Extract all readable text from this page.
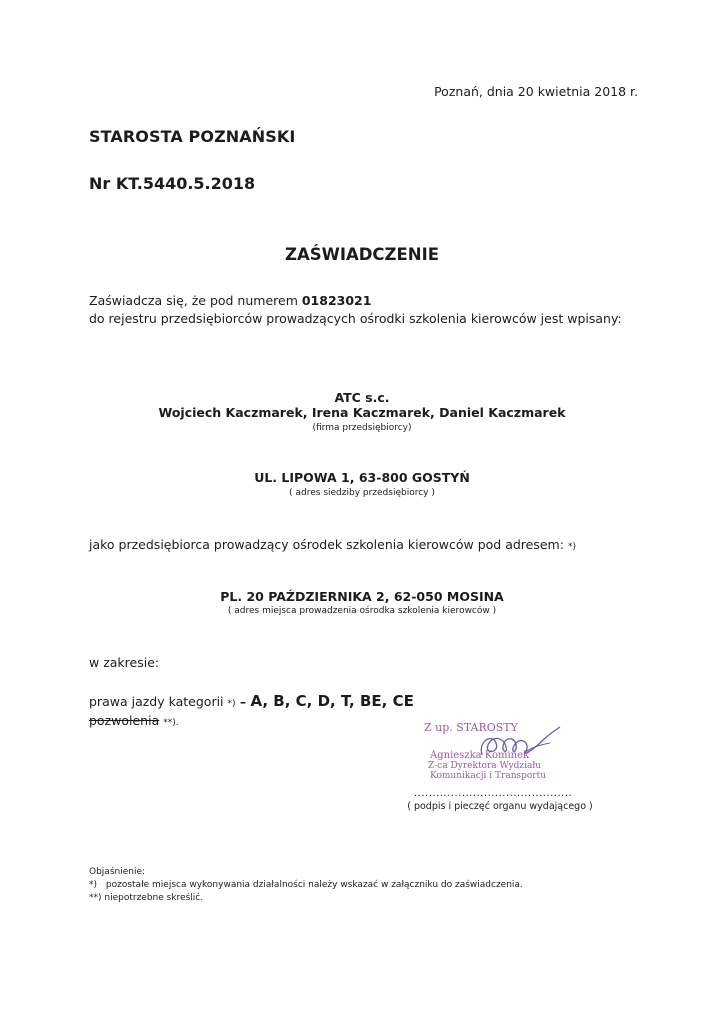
Poznań, dnia 20 kwietnia 2018 r.
STAROSTA POZNAŃSKI
Nr KT.5440.5.2018
ZAŚWIADCZENIE
Zaświadcza się, że pod numerem 01823021
do rejestru przedsiębiorców prowadzących ośrodki szkolenia kierowców jest wpisany:
ATC s.c.
Wojciech Kaczmarek, Irena Kaczmarek, Daniel Kaczmarek
(firma przedsiębiorcy)
UL. LIPOWA 1, 63-800 GOSTYŃ
( adres siedziby przedsiębiorcy )
jako przedsiębiorca prowadzący ośrodek szkolenia kierowców pod adresem: *)
PL. 20 PAŹDZIERNIKA 2, 62-050 MOSINA
( adres miejsca prowadzenia ośrodka szkolenia kierowców )
w zakresie:
prawa jazdy kategorii *) – A, B, C, D, T, BE, CE
pozwolenia **).	Z up. STAROSTY
Agnieszka Kominek
Z-ca Dyrektora Wydziału
Komunikacji i Transportu
...........................................
( podpis i pieczęć organu wydającego )
Objaśnienie:
*) pozostałe miejsca wykonywania działalności należy wskazać w załączniku do zaświadczenia.
**) niepotrzebne skreślić.
